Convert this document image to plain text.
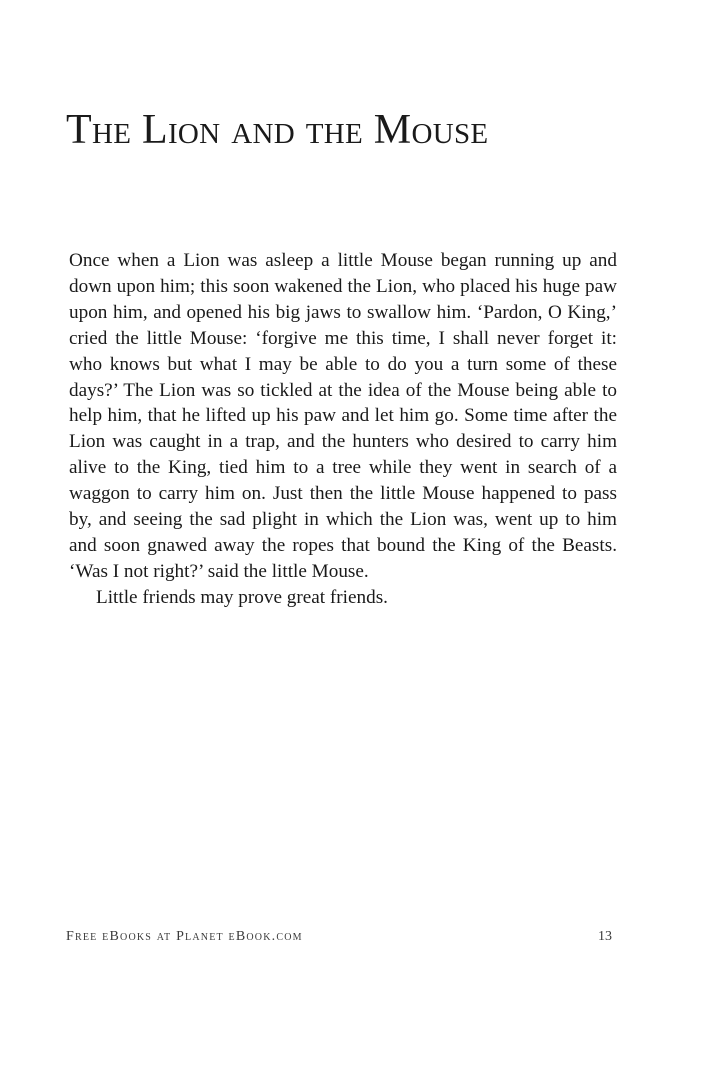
The Lion and the Mouse

Once when a Lion was asleep a little Mouse began running up and down upon him; this soon wakened the Lion, who placed his huge paw upon him, and opened his big jaws to swallow him. ‘Pardon, O King,’ cried the little Mouse: ‘forgive me this time, I shall never forget it: who knows but what I may be able to do you a turn some of these days?’ The Lion was so tickled at the idea of the Mouse being able to help him, that he lifted up his paw and let him go. Some time after the Lion was caught in a trap, and the hunters who desired to carry him alive to the King, tied him to a tree while they went in search of a waggon to carry him on. Just then the little Mouse happened to pass by, and seeing the sad plight in which the Lion was, went up to him and soon gnawed away the ropes that bound the King of the Beasts. ‘Was I not right?’ said the little Mouse.

Little friends may prove great friends.

Free eBooks at Planet eBook.com	13
